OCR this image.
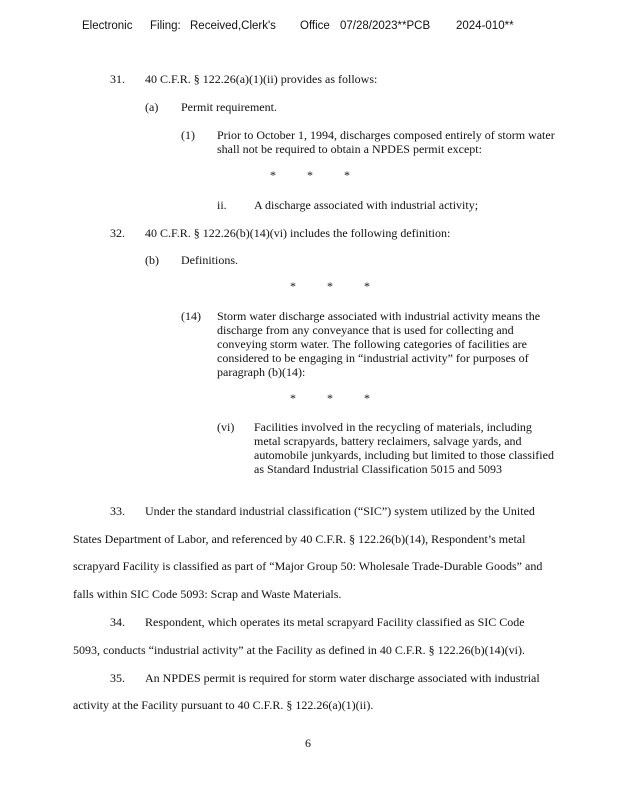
Electronic Filing: Received,Clerk's Office 07/28/2023**PCB 2024-010**
31. 40 C.F.R. § 122.26(a)(1)(ii) provides as follows:
(a) Permit requirement.
(1) Prior to October 1, 1994, discharges composed entirely of storm water shall not be required to obtain a NPDES permit except:
* * *
ii. A discharge associated with industrial activity;
32. 40 C.F.R. § 122.26(b)(14)(vi) includes the following definition:
(b) Definitions.
* * *
(14) Storm water discharge associated with industrial activity means the discharge from any conveyance that is used for collecting and conveying storm water. The following categories of facilities are considered to be engaging in “industrial activity” for purposes of paragraph (b)(14):
* * *
(vi) Facilities involved in the recycling of materials, including metal scrapyards, battery reclaimers, salvage yards, and automobile junkyards, including but limited to those classified as Standard Industrial Classification 5015 and 5093
33. Under the standard industrial classification (“SIC”) system utilized by the United
States Department of Labor, and referenced by 40 C.F.R. § 122.26(b)(14), Respondent’s metal
scrapyard Facility is classified as part of “Major Group 50: Wholesale Trade-Durable Goods” and
falls within SIC Code 5093: Scrap and Waste Materials.
34. Respondent, which operates its metal scrapyard Facility classified as SIC Code
5093, conducts “industrial activity” at the Facility as defined in 40 C.F.R. § 122.26(b)(14)(vi).
35. An NPDES permit is required for storm water discharge associated with industrial
activity at the Facility pursuant to 40 C.F.R. § 122.26(a)(1)(ii).
6
